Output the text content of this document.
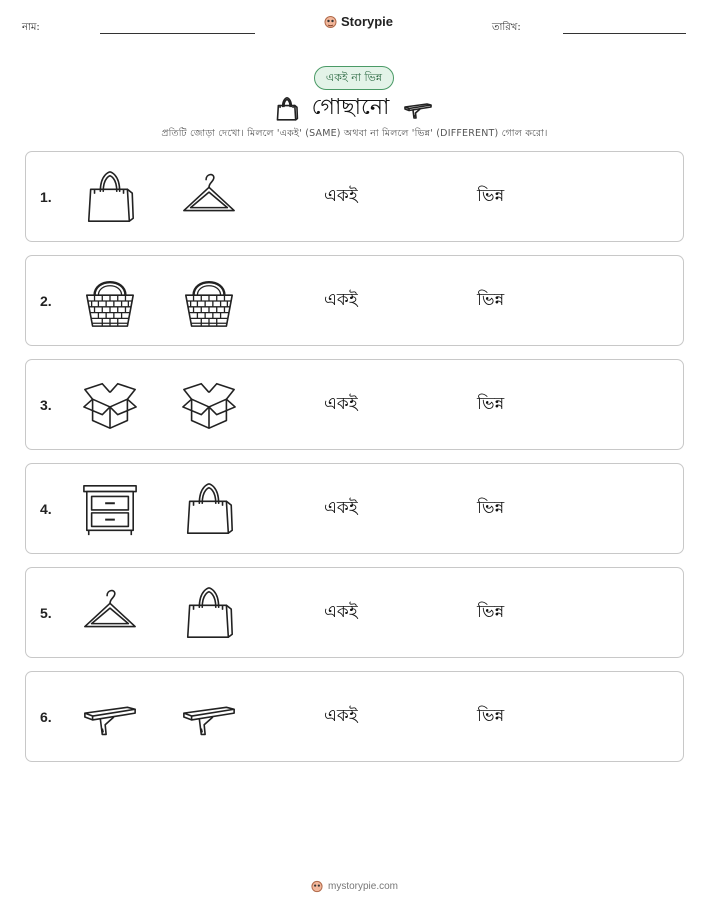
নাম:	Storypie	তারিখ:
একই না ভিন্ন
গোছানো
প্রতিটি জোড়া দেখো। মিললে 'একই' (SAME) অথবা না মিললে 'ভিন্ন' (DIFFERENT) গোল করো।
1.	একই	ভিন্ন
2.	একই	ভিন্ন
3.	একই	ভিন্ন
4.	একই	ভিন্ন
5.	একই	ভিন্ন
6.	একই	ভিন্ন
mystorypie.com
